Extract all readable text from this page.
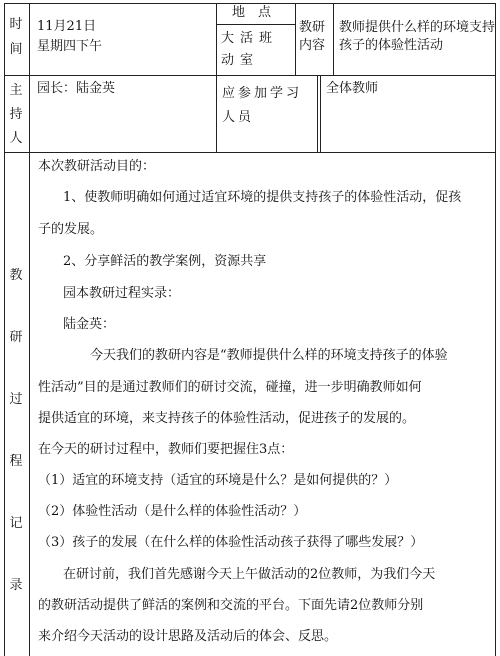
时间
11月21日
星期四下午
地　点
大活班动室
教研内容
教师提供什么样的环境支持孩子的体验性活动
主持人
园长：陆金英	应参加学习人员
全体教师
教研过程记录
本次教研活动目的：
1、使教师明确如何通过适宜环境的提供支持孩子的体验性活动，促孩
子的发展。
2、分享鲜活的教学案例，资源共享
园本教研过程实录：
陆金英：
今天我们的教研内容是“教师提供什么样的环境支持孩子的体验
性活动”目的是通过教师们的研讨交流，碰撞，进一步明确教师如何
提供适宜的环境，来支持孩子的体验性活动，促进孩子的发展的。
在今天的研讨过程中，教师们要把握住3点：
（1）适宜的环境支持（适宜的环境是什么？是如何提供的？）
（2）体验性活动（是什么样的体验性活动？）
（3）孩子的发展（在什么样的体验性活动孩子获得了哪些发展？）
在研讨前，我们首先感谢今天上午做活动的2位教师，为我们今天
的教研活动提供了鲜活的案例和交流的平台。下面先请2位教师分别
来介绍今天活动的设计思路及活动后的体会、反思。
